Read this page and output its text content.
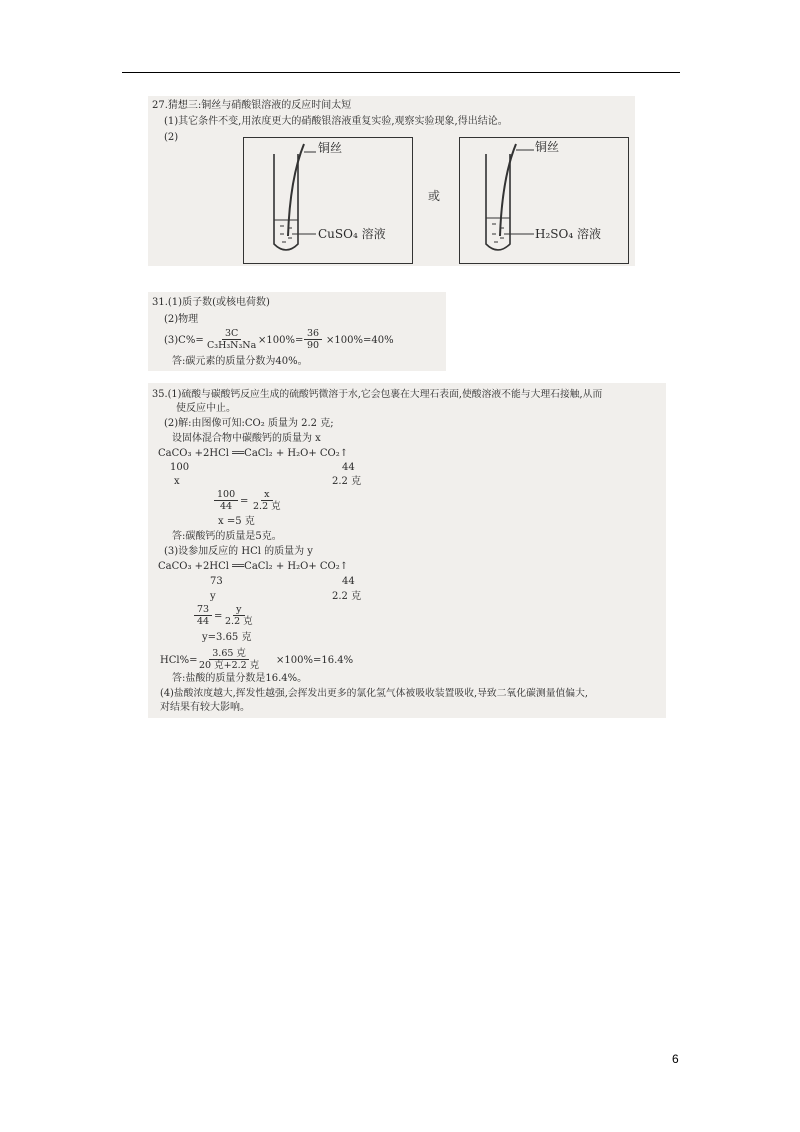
27.猜想三:铜丝与硝酸银溶液的反应时间太短
(1)其它条件不变,用浓度更大的硝酸银溶液重复实验,观察实验现象,得出结论。
(2)
铜丝
CuSO₄ 溶液
或
铜丝
H₂SO₄ 溶液
31.(1)质子数(或核电荷数)
(2)物理
$(3)C\%= \frac{3C}{\text{C₃H₃N₃Na}}$
$\times 100\%= \frac{36}{90} \times 100\%=40\%$
答:碳元素的质量分数为40%。
35.(1)硫酸与碳酸钙反应生成的硫酸钙微溶于水,它会包裹在大理石表面,使酸溶液不能与大理石接触,从而
使反应中止。
(2)解:由图像可知:CO₂ 质量为 2.2 克;
设固体混合物中碳酸钙的质量为 x
CaCO₃ +2HCl ══CaCl₂ + H₂O+ CO₂↑
100	44
x	2.2 克
$\frac{100}{44}$ =
x
2.2 克
x =5 克
答:碳酸钙的质量是5克。
(3)设参加反应的 HCl 的质量为 y
CaCO₃ +2HCl ══CaCl₂ + H₂O+ CO₂↑
73	44
y	2.2 克
$\frac{73}{44}$ =
y
2.2 克
y=3.65 克
HCl%=
3.65 克
20 克+2.2 克	×100%=16.4%
答:盐酸的质量分数是16.4%。
(4)盐酸浓度越大,挥发性越强,会挥发出更多的氯化氢气体被吸收装置吸收,导致二氧化碳测量值偏大,
对结果有较大影响。
6
